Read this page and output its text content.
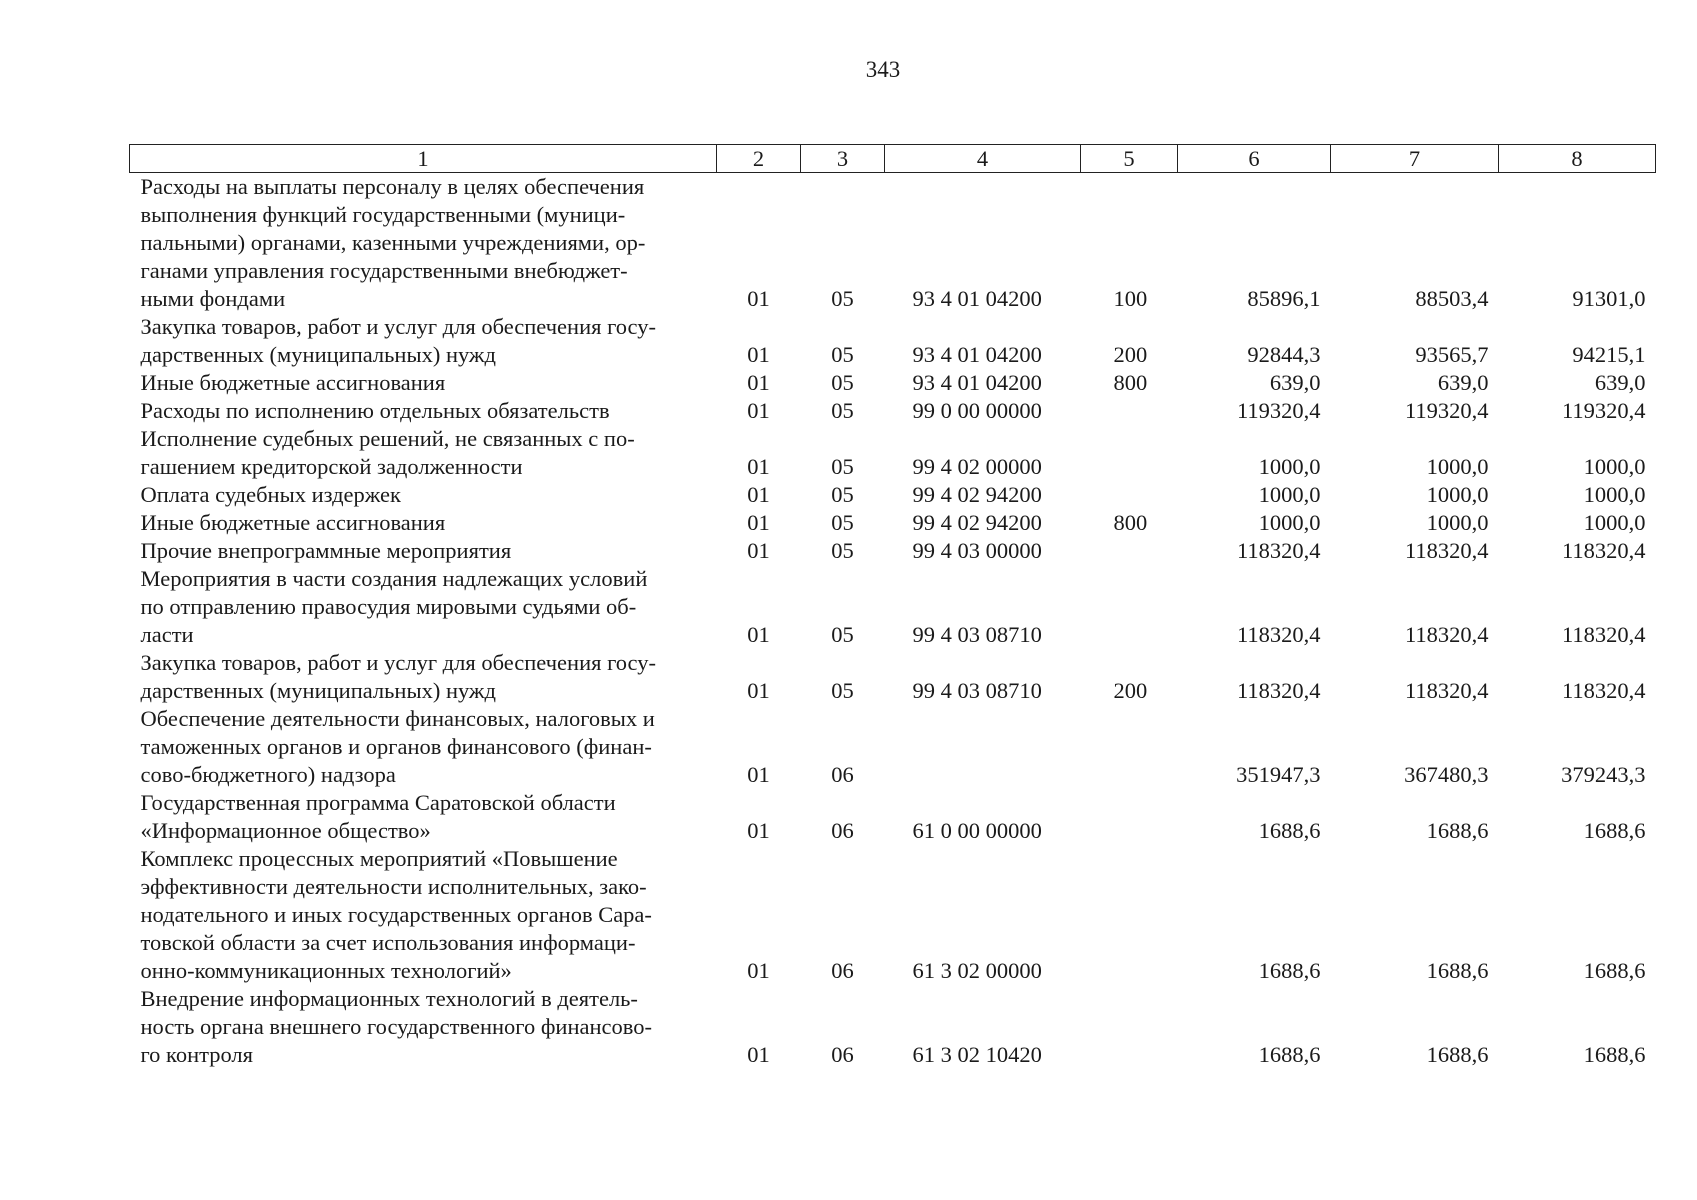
343
1	2	3	4	5	6	7	8
Расходы на выплаты персоналу в целях обеспечения
выполнения функций государственными (муници-
пальными) органами, казенными учреждениями, ор-
ганами управления государственными внебюджет-
ными фондами	01	05	93 4 01 04200	100	85896,1	88503,4	91301,0
Закупка товаров, работ и услуг для обеспечения госу-
дарственных (муниципальных) нужд	01	05	93 4 01 04200	200	92844,3	93565,7	94215,1
Иные бюджетные ассигнования	01	05	93 4 01 04200	800	639,0	639,0	639,0
Расходы по исполнению отдельных обязательств	01	05	99 0 00 00000		119320,4	119320,4	119320,4
Исполнение судебных решений, не связанных с по-
гашением кредиторской задолженности	01	05	99 4 02 00000		1000,0	1000,0	1000,0
Оплата судебных издержек	01	05	99 4 02 94200		1000,0	1000,0	1000,0
Иные бюджетные ассигнования	01	05	99 4 02 94200	800	1000,0	1000,0	1000,0
Прочие внепрограммные мероприятия	01	05	99 4 03 00000		118320,4	118320,4	118320,4
Мероприятия в части создания надлежащих условий
по отправлению правосудия мировыми судьями об-
ласти	01	05	99 4 03 08710		118320,4	118320,4	118320,4
Закупка товаров, работ и услуг для обеспечения госу-
дарственных (муниципальных) нужд	01	05	99 4 03 08710	200	118320,4	118320,4	118320,4
Обеспечение деятельности финансовых, налоговых и
таможенных органов и органов финансового (финан-
сово-бюджетного) надзора	01	06			351947,3	367480,3	379243,3
Государственная программа Саратовской области
«Информационное общество»	01	06	61 0 00 00000		1688,6	1688,6	1688,6
Комплекс процессных мероприятий «Повышение
эффективности деятельности исполнительных, зако-
нодательного и иных государственных органов Сара-
товской области за счет использования информаци-
онно-коммуникационных технологий»	01	06	61 3 02 00000		1688,6	1688,6	1688,6
Внедрение информационных технологий в деятель-
ность органа внешнего государственного финансово-
го контроля	01	06	61 3 02 10420		1688,6	1688,6	1688,6
